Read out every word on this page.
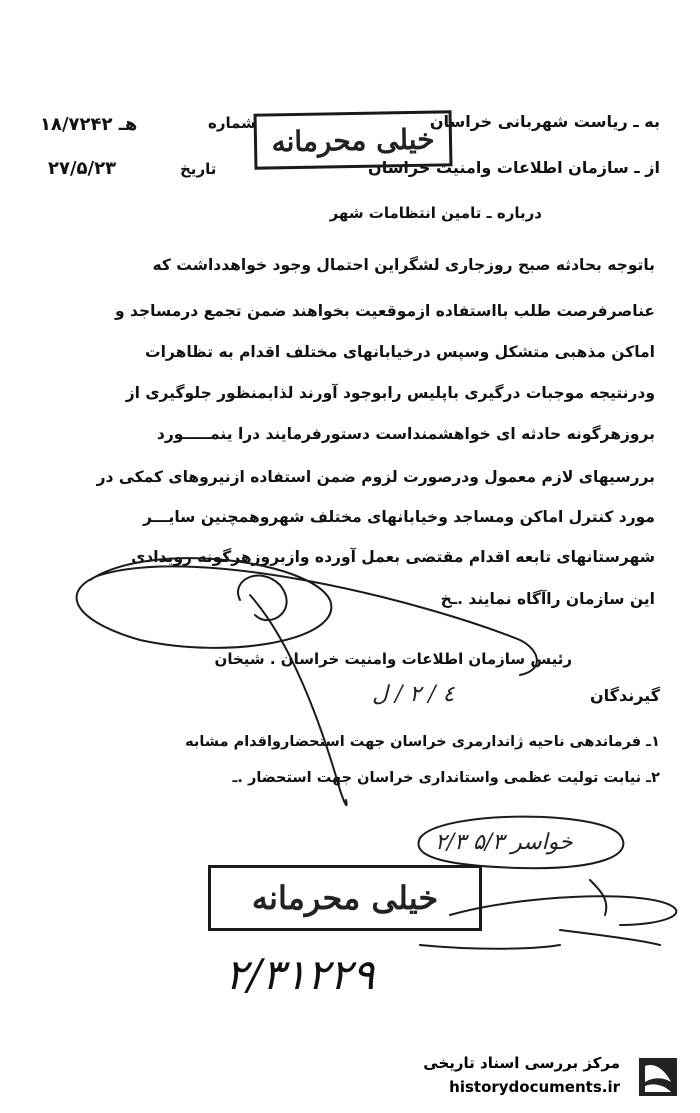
به ـ ریاست شهربانی خراسان
از ـ سازمان اطلاعات وامنیت خراسان
شماره
۱۸/۷۲۴۲ هـ
تاریخ
۲۷/۵/۲۳
درباره ـ تامین انتظامات شهر
خیلی محرمانه
باتوجه بحادثه صبح روزجاری لشگراین احتمال وجود خواهدداشت که
عناصرفرصت طلب بااستفاده ازموقعیت بخواهند ضمن تجمع درمساجد و
اماکن مذهبی متشکل وسپس درخیابانهای مختلف اقدام به تظاهرات
ودرنتیجه موجبات درگیری باپلیس رابوجود آورند لذابمنظور جلوگیری از
بروزهرگونه حادثه ای خواهشمنداست دستورفرمایند درا ینمـــــورد
بررسیهای لازم معمول ودرصورت لزوم ضمن استفاده ازنیروهای کمکی در
مورد کنترل اماکن ومساجد وخیابانهای مختلف شهروهمچنین سایـــر
شهرستانهای تابعه اقدام مقتضی بعمل آورده وازبروزهرگونه رویدادی
این سازمان راآگاه نمایند .ـخ
رئیس سازمان اطلاعات وامنیت خراسان . شیخان
گیرندگان
۱ـ فرماندهی ناحیه ژاندارمری خراسان جهت استحضارواقدام مشابه
۲ـ نیابت تولیت عظمی واستانداری خراسان جهت استحضار .ـ
٤ / ٢ / ل
خواسر ۵/۳ ۲/۳
خیلی محرمانه
۲/۳۱۲۲۹
مرکز بررسی اسناد تاریخی
historydocuments.ir
